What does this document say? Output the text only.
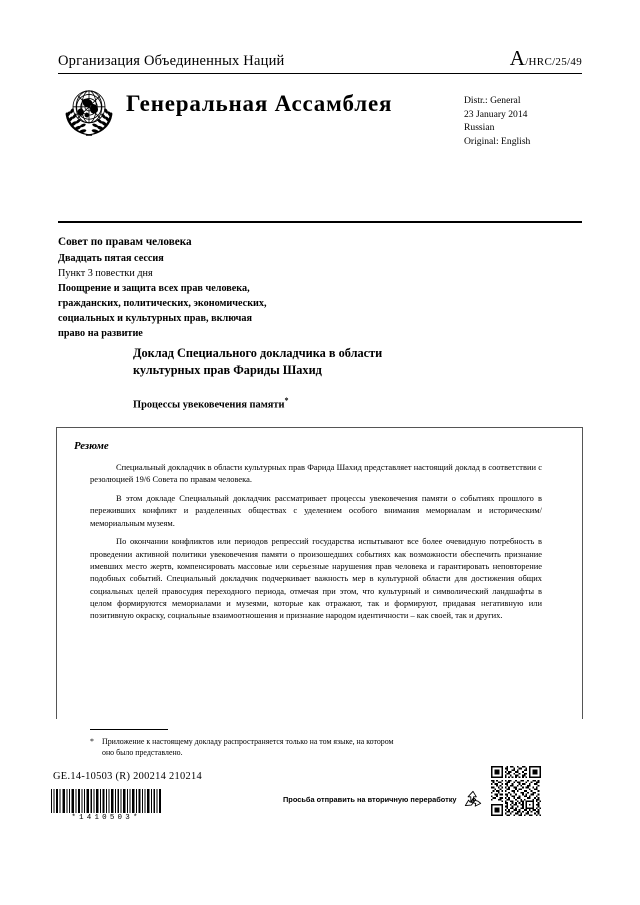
Организация Объединенных Наций	A/HRC/25/49
Генеральная Ассамблея	Distr.: General
23 January 2014
Russian
Original: English
Совет по правам человека
Двадцать пятая сессия
Пункт 3 повестки дня
Поощрение и защита всех прав человека,
гражданских, политических, экономических,
социальных и культурных прав, включая
право на развитие
Доклад Специального докладчика в области
культурных прав Фариды Шахид
Процессы увековечения памяти*
Резюме

Специальный докладчик в области культурных прав Фарида Шахид представляет настоящий доклад в соответствии с резолюцией 19/6 Совета по правам человека.

В этом докладе Специальный докладчик рассматривает процессы увековечения памяти о событиях прошлого в переживших конфликт и разделенных обществах с уделением особого внимания мемориалам и историческим/мемориальным музеям.

По окончании конфликтов или периодов репрессий государства испытывают все более очевидную потребность в проведении активной политики увековечения памяти о произошедших событиях как возможности обеспечить признание имевших место жертв, компенсировать массовые или серьезные нарушения прав человека и гарантировать неповторение подобных событий. Специальный докладчик подчеркивает важность мер в культурной области для достижения общих социальных целей правосудия переходного периода, отмечая при этом, что культурный и символический ландшафты в целом формируются мемориалами и музеями, которые как отражают, так и формируют, придавая негативную или позитивную окраску, социальные взаимоотношения и признание народом идентичности – как своей, так и других.

* Приложение к настоящему докладу распространяется только на том языке, на котором
оно было представлено.
GE.14-10503 (R) 200214 210214
*1410503*
Просьба отправить на вторичную переработку
